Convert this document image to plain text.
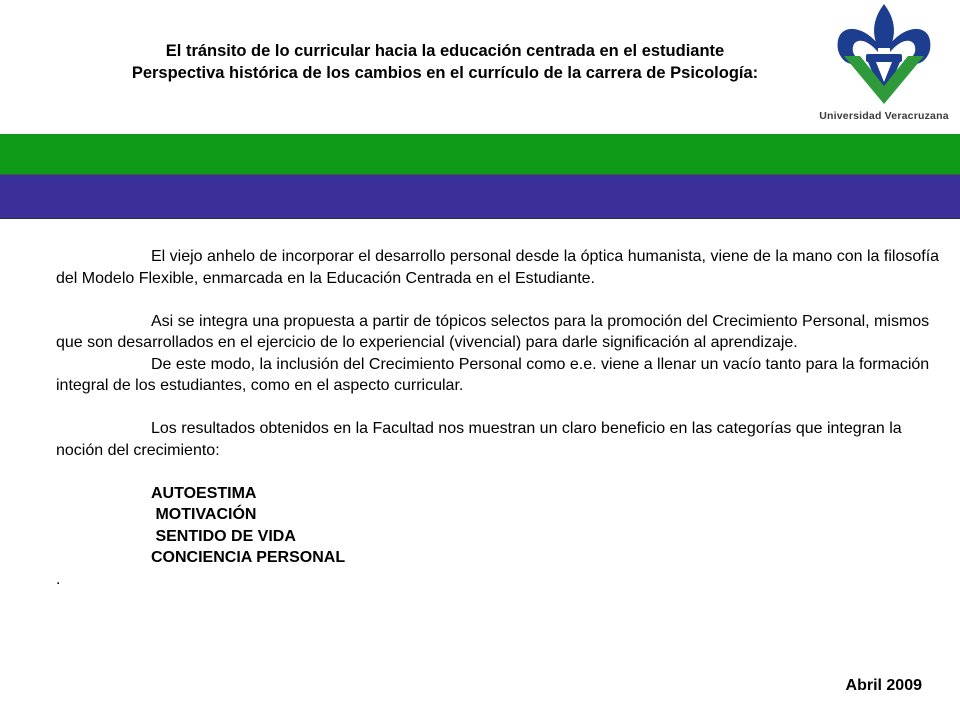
El tránsito de lo curricular hacia la educación centrada en el estudiante
Perspectiva histórica de los cambios en el currículo de la carrera de Psicología:
Universidad Veracruzana

El viejo anhelo de incorporar el desarrollo personal desde la óptica humanista, viene de la mano con la filosofía del Modelo Flexible, enmarcada en la Educación Centrada en el Estudiante.

Asi se integra una propuesta a partir de tópicos selectos para la promoción del Crecimiento Personal, mismos que son desarrollados en el ejercicio de lo experiencial (vivencial) para darle significación al aprendizaje.

De este modo, la inclusión del Crecimiento Personal como e.e. viene a llenar un vacío tanto para la formación integral de los estudiantes, como en el aspecto curricular.

Los resultados obtenidos en la Facultad nos muestran un claro beneficio en las categorías que integran la noción del crecimiento:

AUTOESTIMA

MOTIVACIÓN

SENTIDO DE VIDA

CONCIENCIA PERSONAL

.

Abril 2009
